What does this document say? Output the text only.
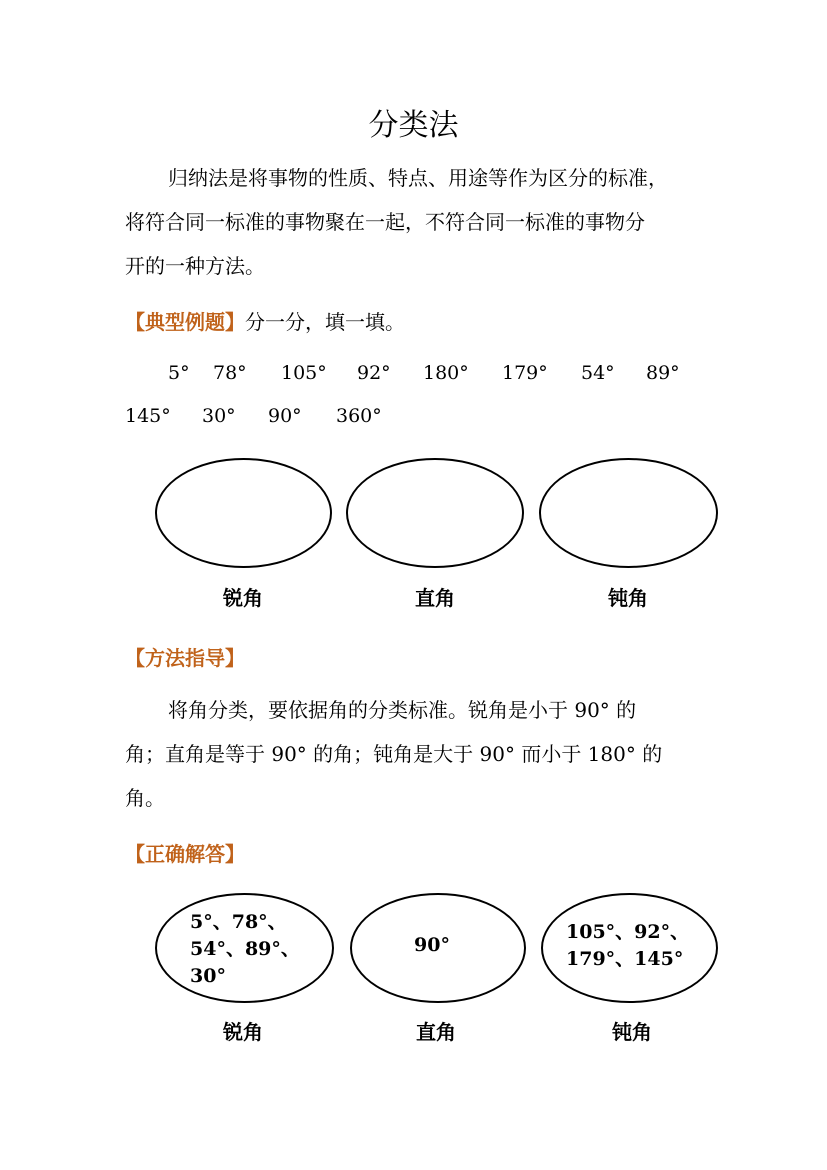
分类法
归纳法是将事物的性质、特点、用途等作为区分的标准，
将符合同一标准的事物聚在一起，不符合同一标准的事物分
开的一种方法。
【典型例题】分一分，填一填。
5° 78° 105° 92° 180° 179° 54° 89°
145° 30° 90° 360°
锐角	直角	钝角
【方法指导】
将角分类，要依据角的分类标准。锐角是小于 90° 的
角；直角是等于 90° 的角；钝角是大于 90° 而小于 180° 的
角。
【正确解答】
5°、78°、
54°、89°、
30°
90°
105°、92°、
179°、145°
锐角	直角	钝角
